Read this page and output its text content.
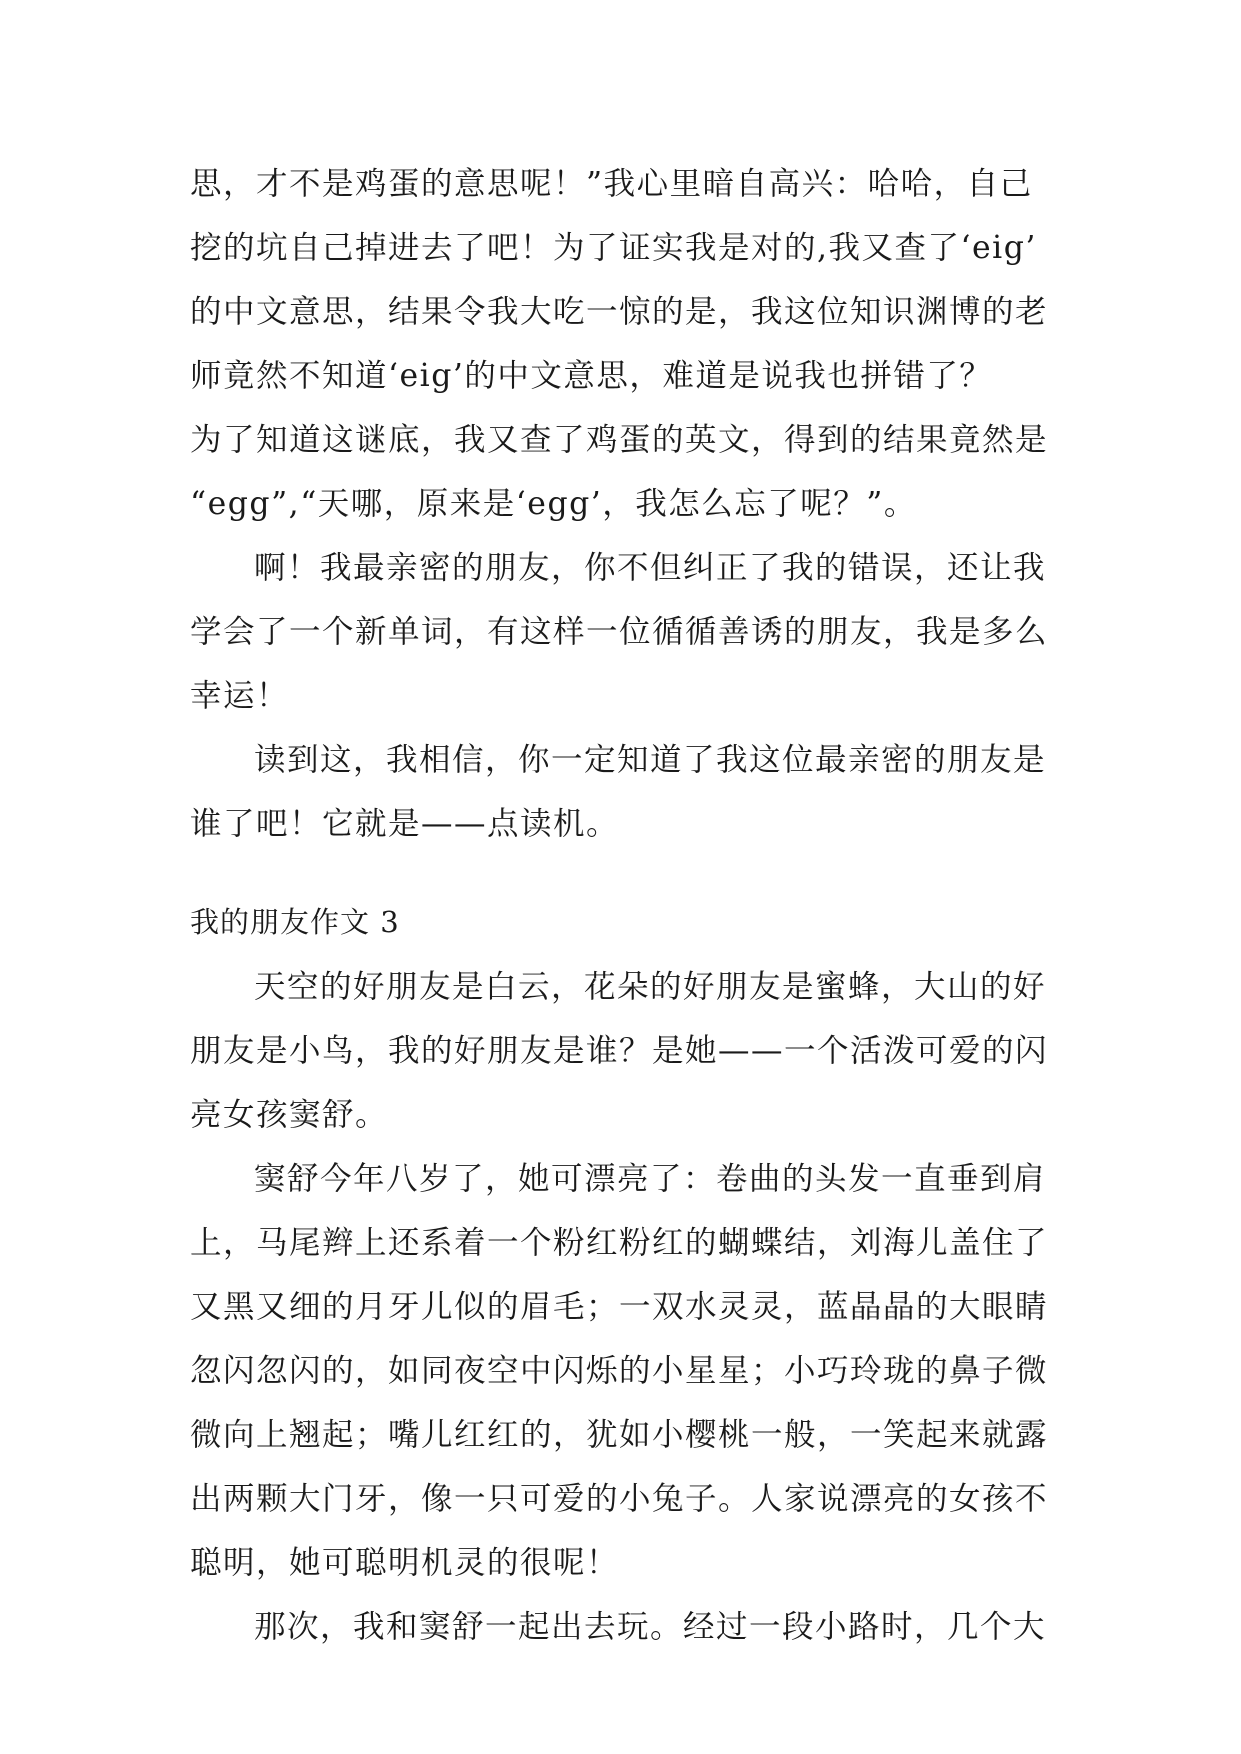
思，才不是鸡蛋的意思呢！”我心里暗自高兴：哈哈，自己
挖的坑自己掉进去了吧！为了证实我是对的,我又查了‘eig’
的中文意思，结果令我大吃一惊的是，我这位知识渊博的老
师竟然不知道‘eig’的中文意思，难道是说我也拼错了？
为了知道这谜底，我又查了鸡蛋的英文，得到的结果竟然是
“egg”,“天哪，原来是‘egg’，我怎么忘了呢？”。
啊！我最亲密的朋友，你不但纠正了我的错误，还让我
学会了一个新单词，有这样一位循循善诱的朋友，我是多么
幸运！
读到这，我相信，你一定知道了我这位最亲密的朋友是
谁了吧！它就是——点读机。
我的朋友作文 3
天空的好朋友是白云，花朵的好朋友是蜜蜂，大山的好
朋友是小鸟，我的好朋友是谁？是她——一个活泼可爱的闪
亮女孩窦舒。
窦舒今年八岁了，她可漂亮了：卷曲的头发一直垂到肩
上，马尾辫上还系着一个粉红粉红的蝴蝶结，刘海儿盖住了
又黑又细的月牙儿似的眉毛；一双水灵灵，蓝晶晶的大眼睛
忽闪忽闪的，如同夜空中闪烁的小星星；小巧玲珑的鼻子微
微向上翘起；嘴儿红红的，犹如小樱桃一般，一笑起来就露
出两颗大门牙，像一只可爱的小兔子。人家说漂亮的女孩不
聪明，她可聪明机灵的很呢！
那次，我和窦舒一起出去玩。经过一段小路时，几个大
